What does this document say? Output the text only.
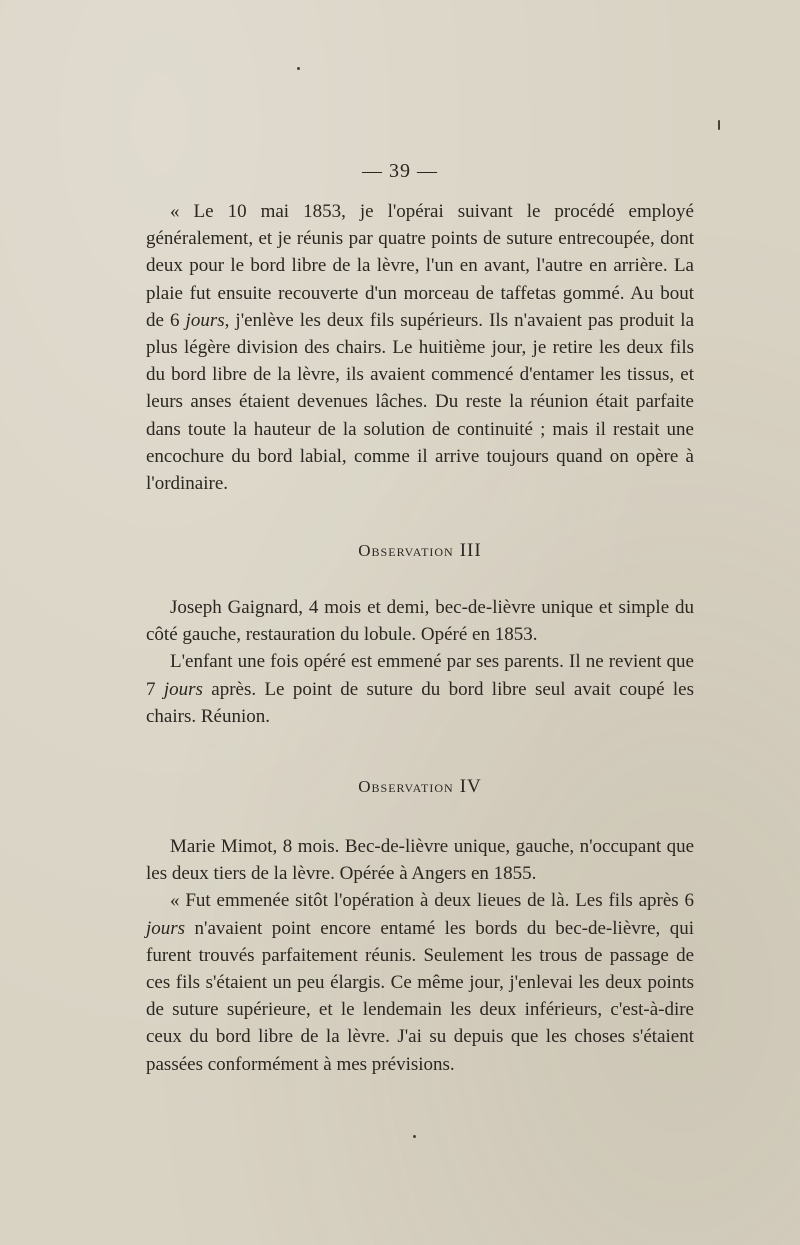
— 39 —

« Le 10 mai 1853, je l'opérai suivant le procédé employé généralement, et je réunis par quatre points de suture entrecoupée, dont deux pour le bord libre de la lèvre, l'un en avant, l'autre en arrière. La plaie fut ensuite recouverte d'un morceau de taffetas gommé. Au bout de 6 jours, j'enlève les deux fils supérieurs. Ils n'avaient pas produit la plus légère division des chairs. Le huitième jour, je retire les deux fils du bord libre de la lèvre, ils avaient commencé d'entamer les tissus, et leurs anses étaient devenues lâches. Du reste la réunion était parfaite dans toute la hauteur de la solution de continuité ; mais il restait une encochure du bord labial, comme il arrive toujours quand on opère à l'ordinaire.

Observation III

Joseph Gaignard, 4 mois et demi, bec-de-lièvre unique et simple du côté gauche, restauration du lobule. Opéré en 1853.

L'enfant une fois opéré est emmené par ses parents. Il ne revient que 7 jours après. Le point de suture du bord libre seul avait coupé les chairs. Réunion.

Observation IV

Marie Mimot, 8 mois. Bec-de-lièvre unique, gauche, n'occupant que les deux tiers de la lèvre. Opérée à Angers en 1855.

« Fut emmenée sitôt l'opération à deux lieues de là. Les fils après 6 jours n'avaient point encore entamé les bords du bec-de-lièvre, qui furent trouvés parfaitement réunis. Seulement les trous de passage de ces fils s'étaient un peu élargis. Ce même jour, j'enlevai les deux points de suture supérieure, et le lendemain les deux inférieurs, c'est-à-dire ceux du bord libre de la lèvre. J'ai su depuis que les choses s'étaient passées conformément à mes prévisions.
